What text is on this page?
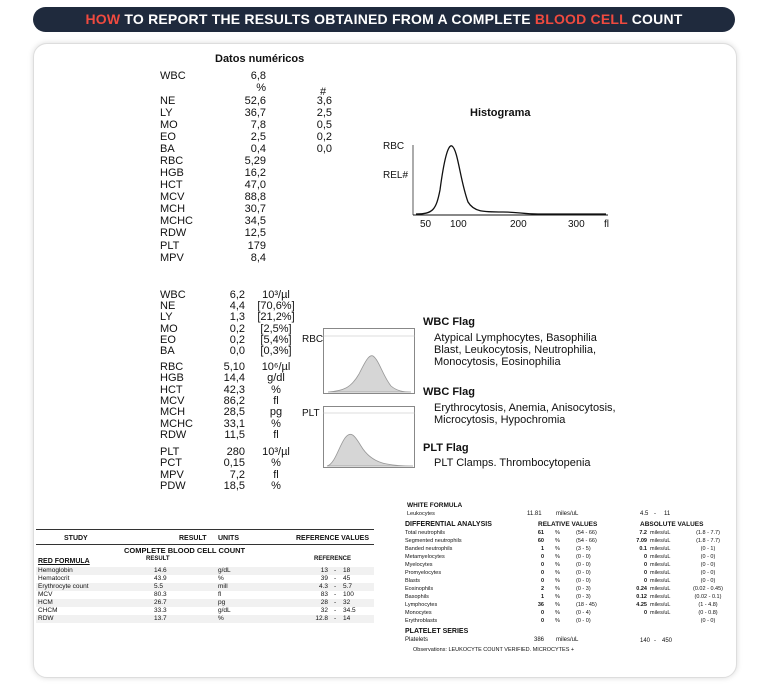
HOW TO REPORT THE RESULTS OBTAINED FROM A COMPLETE BLOOD CELL COUNT
Datos numéricos
#
WBC	6,8
%
NE	52,6	3,6
LY	36,7	2,5
MO	7,8	0,5
EO	2,5	0,2
BA	0,4	0,0
RBC	5,29
HGB	16,2
HCT	47,0
MCV	88,8
MCH	30,7
MCHC	34,5
RDW	12,5
PLT	179
MPV	8,4
Histograma
RBC
REL#
50 100	200	300 fl
WBC	6,2	10³/µl
NE	4,4	[70,6%]
LY	1,3	[21,2%]
MO	0,2	[2,5%]
EO	0,2	[5,4%]
BA	0,0	[0,3%]
RBC	5,10	10⁶/µl
HGB	14,4	g/dl
HCT	42,3	%
MCV	86,2	fl
MCH	28,5	pg
MCHC	33,1	%
RDW	11,5	fl
PLT	280	10³/µl
PCT	0,15	%
MPV	7,2	fl
PDW	18,5	%
RBC
PLT
WBC Flag
Atypical Lymphocytes, Basophilia
Blast, Leukocytosis, Neutrophilia,
Monocytosis, Eosinophilia
WBC Flag
Erythrocytosis, Anemia, Anisocytosis,
Microcytosis, Hypochromia
PLT Flag
PLT Clamps. Thrombocytopenia
STUDY	RESULT UNITS	REFERENCE VALUES
COMPLETE BLOOD CELL COUNT
RESULT	REFERENCE
RED FORMULA
Hemoglobin	14.6	g/dL	13 - 18
Hematocrit	43.9	%	39 - 45
Erythrocyte count	5.5	mill	4.3 - 5.7
MCV	80.3	fl	83 - 100
HCM	26.7	pg	28 - 32
CHCM	33.3	g/dL	32 - 34.5
RDW	13.7	%	12.8 - 14
WHITE FORMULA
Leukocytes	11.81 miles/uL	4.5 - 11
DIFFERENTIAL ANALYSIS	RELATIVE VALUES	ABSOLUTE VALUES
Total neutrophils	61 %	(54 - 66)	7.2 miles/uL	(1.8 - 7.7)
Segmented neutrophils	60 %	(54 - 66)	7.09 miles/uL	(1.8 - 7.7)
Banded neutrophils	1 %	(3 - 5)	0.1 miles/uL	(0 - 1)
Metamyelocytes	0 %	(0 - 0)	0 miles/uL	(0 - 0)
Myelocytes	0 %	(0 - 0)	0 miles/uL	(0 - 0)
Promyelocytes	0 %	(0 - 0)	0 miles/uL	(0 - 0)
Blasts	0 %	(0 - 0)	0 miles/uL	(0 - 0)
Eosinophils	2 %	(0 - 3)	0.24 miles/uL	(0.02 - 0.45)
Basophils	1 %	(0 - 3)	0.12 miles/uL	(0.02 - 0.1)
Lymphocytes	36 %	(18 - 45)	4.25 miles/uL	(1 - 4.8)
Monocytes	0 %	(0 - 4)	0 miles/uL	(0 - 0.8)
Erythroblasts	0 %	(0 - 0)	(0 - 0)
PLATELET SERIES
Platelets	386 miles/uL	140 - 450
Observations: LEUKOCYTE COUNT VERIFIED. MICROCYTES +
